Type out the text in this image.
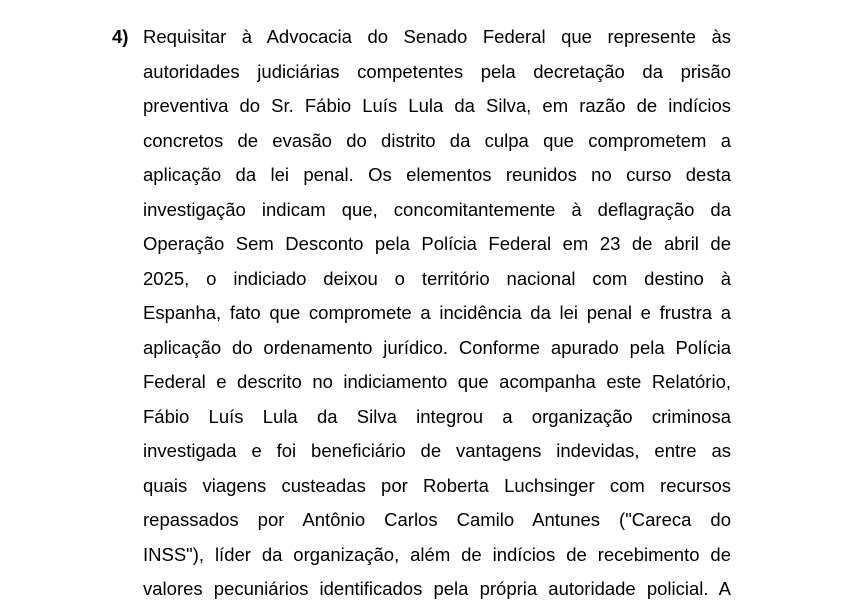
4) Requisitar à Advocacia do Senado Federal que represente às
autoridades judiciárias competentes pela decretação da prisão
preventiva do Sr. Fábio Luís Lula da Silva, em razão de indícios
concretos de evasão do distrito da culpa que comprometem a
aplicação da lei penal. Os elementos reunidos no curso desta
investigação indicam que, concomitantemente à deflagração da
Operação Sem Desconto pela Polícia Federal em 23 de abril de
2025, o indiciado deixou o território nacional com destino à
Espanha, fato que compromete a incidência da lei penal e frustra a
aplicação do ordenamento jurídico. Conforme apurado pela Polícia
Federal e descrito no indiciamento que acompanha este Relatório,
Fábio Luís Lula da Silva integrou a organização criminosa
investigada e foi beneficiário de vantagens indevidas, entre as
quais viagens custeadas por Roberta Luchsinger com recursos
repassados por Antônio Carlos Camilo Antunes ("Careca do
INSS"), líder da organização, além de indícios de recebimento de
valores pecuniários identificados pela própria autoridade policial. A
